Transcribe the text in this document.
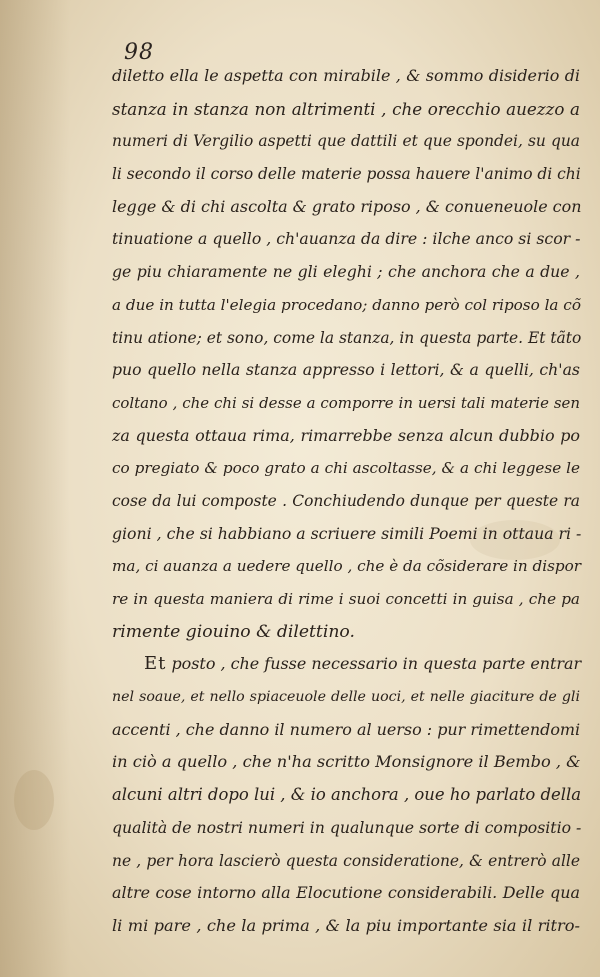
98
diletto ella le aspetta con mirabile , & sommo disiderio di
stanza in stanza non altrimenti , che orecchio auezzo a
numeri di Vergilio aspetti que dattili et que spondei, su qua
li secondo il corso delle materie possa hauere l'animo di chi
legge & di chi ascolta & grato riposo , & conueneuole con
tinuatione a quello , ch'auanza da dire : ilche anco si scor -
ge piu chiaramente ne gli eleghi ; che anchora che a due ,
a due in tutta l'elegia procedano; danno però col riposo la cõ
tinu atione; et sono, come la stanza, in questa parte. Et tãto
puo quello nella stanza appresso i lettori, & a quelli, ch'as
coltano , che chi si desse a comporre in uersi tali materie sen
za questa ottaua rima, rimarrebbe senza alcun dubbio po
co pregiato & poco grato a chi ascoltasse, & a chi leggese le
cose da lui composte . Conchiudendo dunque per queste ra
gioni , che si habbiano a scriuere simili Poemi in ottaua ri -
ma, ci auanza a uedere quello , che è da cõsiderare in dispor
re in questa maniera di rime i suoi concetti in guisa , che pa
rimente giouino & dilettino.
Et posto , che fusse necessario in questa parte entrar
nel soaue, et nello spiaceuole delle uoci, et nelle giaciture de gli
accenti , che danno il numero al uerso : pur rimettendomi
in ciò a quello , che n'ha scritto Monsignore il Bembo , &
alcuni altri dopo lui , & io anchora , oue ho parlato della
qualità de nostri numeri in qualunque sorte di compositio -
ne , per hora lascierò questa consideratione, & entrerò alle
altre cose intorno alla Elocutione considerabili. Delle qua
li mi pare , che la prima , & la piu importante sia il ritro-
